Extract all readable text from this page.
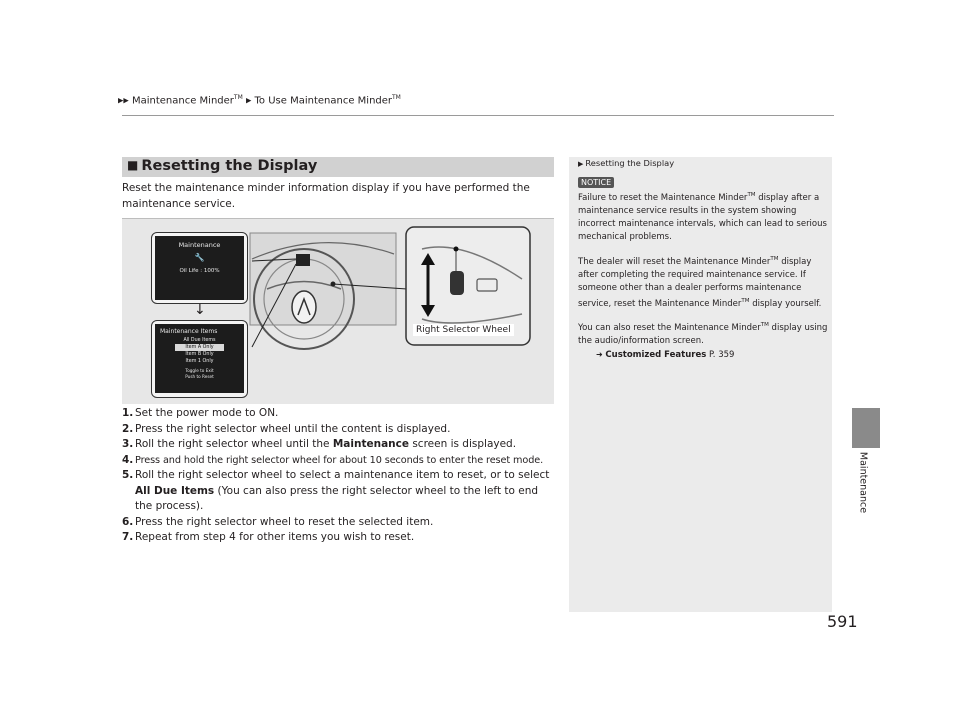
▶▶ Maintenance Minder™ ▶ To Use Maintenance Minder™
Maintenance
■ Resetting the Display
Reset the maintenance minder information display if you have performed the maintenance service.
Maintenance
🔧
Oil Life : 100%
↓
Maintenance Items
All Due Items
Item A Only
Item B Only
Item 1 Only
Toggle to Exit
Push to Reset
Right Selector Wheel
1. Set the power mode to ON.
2. Press the right selector wheel until the content is displayed.
3. Roll the right selector wheel until the Maintenance screen is displayed.
4. Press and hold the right selector wheel for about 10 seconds to enter the reset mode.
5. Roll the right selector wheel to select a maintenance item to reset, or to select All Due Items (You can also press the right selector wheel to the left to end the process).
6. Press the right selector wheel to reset the selected item.
7. Repeat from step 4 for other items you wish to reset.
▶ Resetting the Display
NOTICE

Failure to reset the Maintenance Minder™ display after a maintenance service results in the system showing incorrect maintenance intervals, which can lead to serious mechanical problems.

The dealer will reset the Maintenance Minder™ display after completing the required maintenance service. If someone other than a dealer performs maintenance service, reset the Maintenance Minder™ display yourself.

You can also reset the Maintenance Minder™ display using the audio/information screen.

➜ Customized Features P. 359
591
